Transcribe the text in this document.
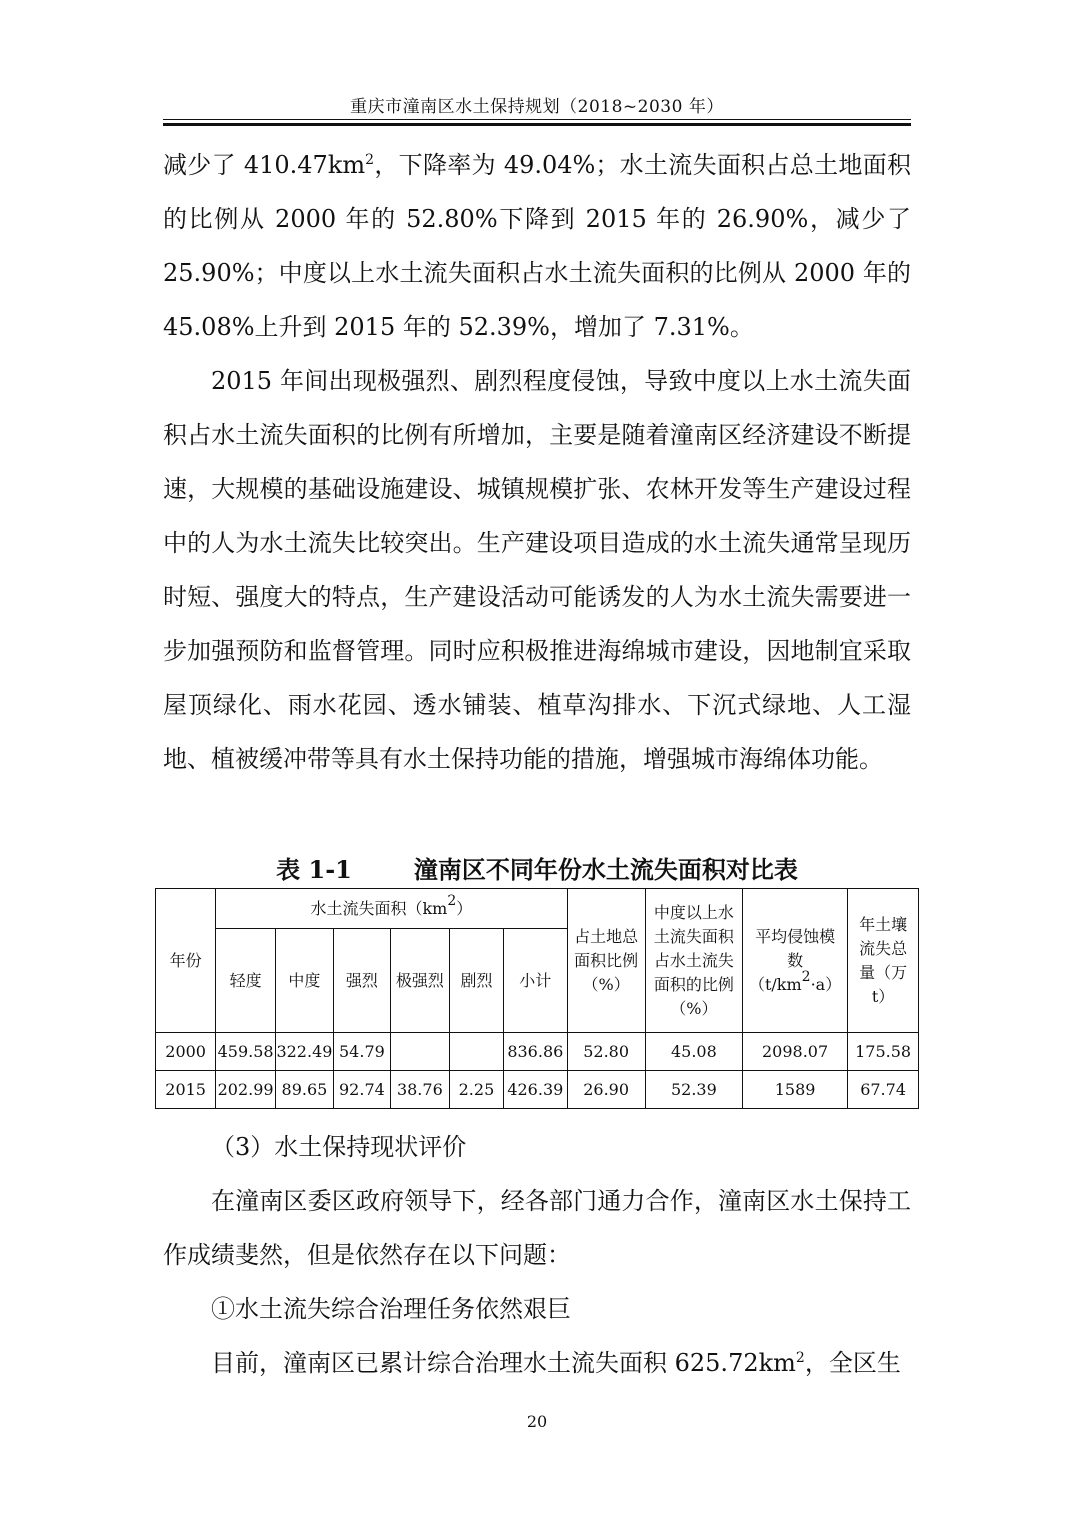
重庆市潼南区水土保持规划（2018~2030 年）

减少了 $410.47km^2$，下降率为 49.04%；水土流失面积占总土地面积的比例从 2000 年的 52.80%下降到 2015 年的 26.90%，减少了 25.90%；中度以上水土流失面积占水土流失面积的比例从 2000 年的 45.08%上升到 2015 年的 52.39%，增加了 7.31%。

2015 年间出现极强烈、剧烈程度侵蚀，导致中度以上水土流失面积占水土流失面积的比例有所增加，主要是随着潼南区经济建设不断提速，大规模的基础设施建设、城镇规模扩张、农林开发等生产建设过程中的人为水土流失比较突出。生产建设项目造成的水土流失通常呈现历时短、强度大的特点，生产建设活动可能诱发的人为水土流失需要进一步加强预防和监督管理。同时应积极推进海绵城市建设，因地制宜采取屋顶绿化、雨水花园、透水铺装、植草沟排水、下沉式绿地、人工湿地、植被缓冲带等具有水土保持功能的措施，增强城市海绵体功能。

表 1-1	潼南区不同年份水土流失面积对比表
年份	水土流失面积$(km^2)$						占土地总面积比例（%）	中度以上水土流失面积占水土流失面积的比例（%）	平均侵蚀模数$(t/km^2\cdot a)$	年土壤流失总量（万 t）
	轻度	中度	强烈	极强烈	剧烈	小计				
2000	459.58	322.49	54.79			836.86	52.80	45.08	2098.07	175.58
2015	202.99	89.65	92.74	38.76	2.25	426.39	26.90	52.39	1589	67.74

（3）水土保持现状评价

在潼南区委区政府领导下，经各部门通力合作，潼南区水土保持工作成绩斐然，但是依然存在以下问题：

①水土流失综合治理任务依然艰巨

目前，潼南区已累计综合治理水土流失面积 $625.72km^2$，全区生

20
